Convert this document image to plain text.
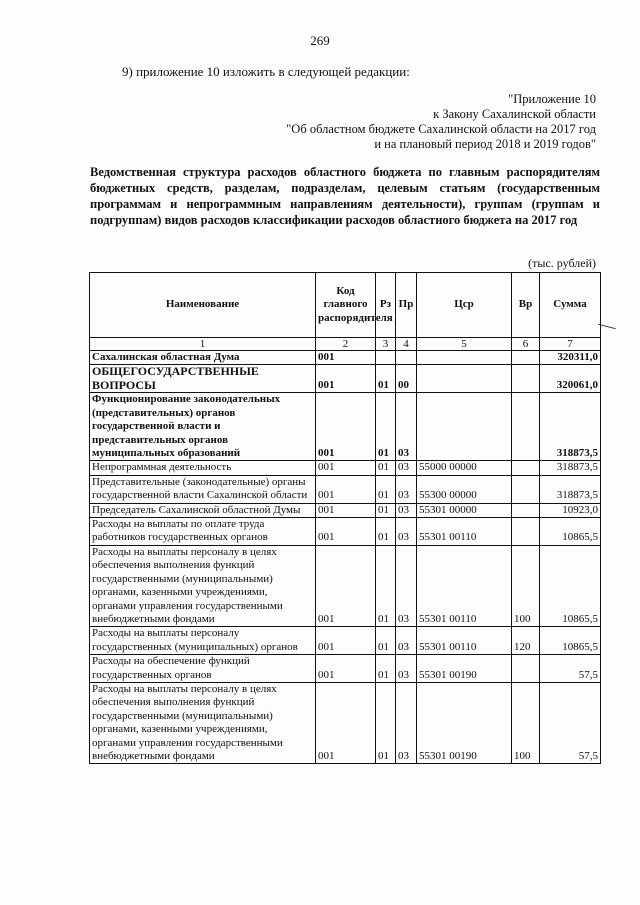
269
9) приложение 10 изложить в следующей редакции:
"Приложение 10
к Закону Сахалинской области
"Об областном бюджете Сахалинской области на 2017 год
и на плановый период 2018 и 2019 годов"
Ведомственная структура расходов областного бюджета по главным распорядителям бюджетных средств, разделам, подразделам, целевым статьям (государственным программам и непрограммным направлениям деятельности), группам (группам и подгруппам) видов расходов классификации расходов областного бюджета на 2017 год
(тыс. рублей)
Наименование	Код главного распорядителя	Рз	Пр	Цср	Вр	Сумма
1	2	3	4	5	6	7
Сахалинская областная Дума	001					320311,0
ОБЩЕГОСУДАРСТВЕННЫЕ ВОПРОСЫ	001	01	00			320061,0
Функционирование законодательных (представительных) органов государственной власти и представительных органов муниципальных образований	001	01	03			318873,5
Непрограммная деятельность	001	01	03	55000 00000		318873,5
Представительные (законодательные) органы государственной власти Сахалинской области	001	01	03	55300 00000		318873,5
Председатель Сахалинской областной Думы	001	01	03	55301 00000		10923,0
Расходы на выплаты по оплате труда работников государственных органов	001	01	03	55301 00110		10865,5
Расходы на выплаты персоналу в целях обеспечения выполнения функций государственными (муниципальными) органами, казенными учреждениями, органами управления государственными внебюджетными фондами	001	01	03	55301 00110	100	10865,5
Расходы на выплаты персоналу государственных (муниципальных) органов	001	01	03	55301 00110	120	10865,5
Расходы на обеспечение функций государственных органов	001	01	03	55301 00190		57,5
Расходы на выплаты персоналу в целях обеспечения выполнения функций государственными (муниципальными) органами, казенными учреждениями, органами управления государственными внебюджетными фондами	001	01	03	55301 00190	100	57,5
